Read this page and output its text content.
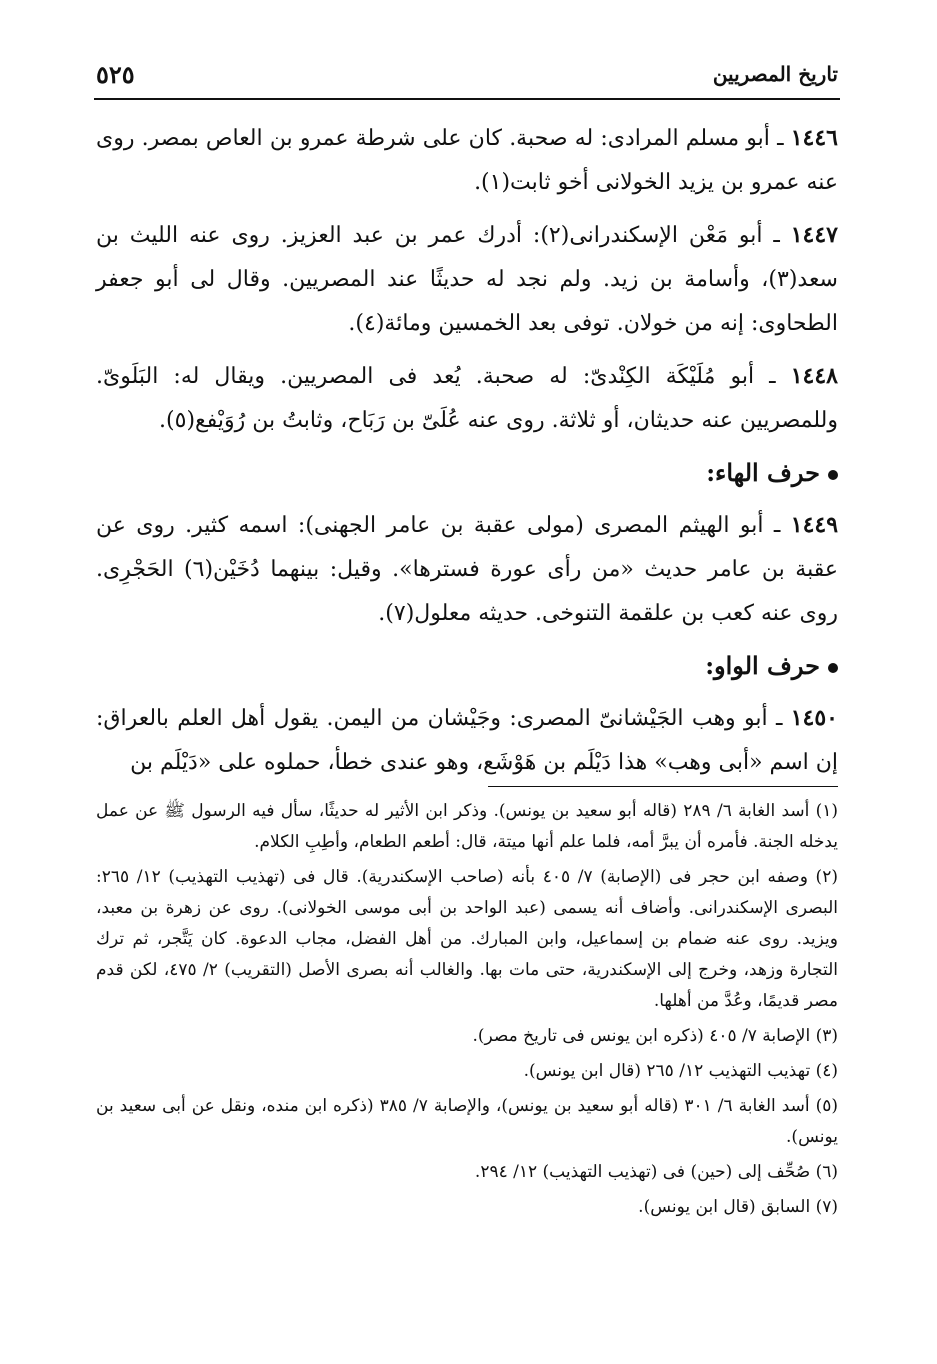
تاريخ المصريين
٥٢٥

١٤٤٦ ـ أبو مسلم المرادى: له صحبة. كان على شرطة عمرو بن العاص بمصر. روى عنه عمرو بن يزيد الخولانى أخو ثابت(١).

١٤٤٧ ـ أبو مَعْن الإسكندرانى(٢): أدرك عمر بن عبد العزيز. روى عنه الليث بن سعد(٣)، وأسامة بن زيد. ولم نجد له حديثًا عند المصريين. وقال لى أبو جعفر الطحاوى: إنه من خولان. توفى بعد الخمسين ومائة(٤).

١٤٤٨ ـ أبو مُلَيْكَة الكِنْدىّ: له صحبة. يُعد فى المصريين. ويقال له: البَلَوىّ. وللمصريين عنه حديثان، أو ثلاثة. روى عنه عُلَىّ بن رَبَاح، وثابتُ بن رُوَيْفع(٥).

حرف الهاء:

١٤٤٩ ـ أبو الهيثم المصرى (مولى عقبة بن عامر الجهنى): اسمه كثير. روى عن عقبة بن عامر حديث «من رأى عورة فسترها». وقيل: بينهما دُخَيْن(٦) الحَجْرِى. روى عنه كعب بن علقمة التنوخى. حديثه معلول(٧).

حرف الواو:

١٤٥٠ ـ أبو وهب الجَيْشانىّ المصرى: وجَيْشان من اليمن. يقول أهل العلم بالعراق: إن اسم «أبى وهب» هذا دَيْلَم بن هَوْشَع، وهو عندى خطأ، حملوه على «دَيْلَم بن

(١) أسد الغابة ٦/ ٢٨٩ (قاله أبو سعيد بن يونس). وذكر ابن الأثير له حديثًا، سأل فيه الرسول ﷺ عن عمل يدخله الجنة. فأمره أن يبرَّ أمه، فلما علم أنها ميتة، قال: أطعم الطعام، وأطِبِ الكلام.

(٢) وصفه ابن حجر فى (الإصابة) ٧/ ٤٠٥ بأنه (صاحب الإسكندرية). قال فى (تهذيب التهذيب) ١٢/ ٢٦٥: البصرى الإسكندرانى. وأضاف أنه يسمى (عبد الواحد بن أبى موسى الخولانى). روى عن زهرة بن معبد، ويزيد. روى عنه ضمام بن إسماعيل، وابن المبارك. من أهل الفضل، مجاب الدعوة. كان يَتَّجر، ثم ترك التجارة وزهد، وخرج إلى الإسكندرية، حتى مات بها. والغالب أنه بصرى الأصل (التقريب) ٢/ ٤٧٥، لكن قدم مصر قديمًا، وعُدَّ من أهلها.

(٣) الإصابة ٧/ ٤٠٥ (ذكره ابن يونس فى تاريخ مصر).

(٤) تهذيب التهذيب ١٢/ ٢٦٥ (قال ابن يونس).

(٥) أسد الغابة ٦/ ٣٠١ (قاله أبو سعيد بن يونس)، والإصابة ٧/ ٣٨٥ (ذكره ابن منده، ونقل عن أبى سعيد بن يونس).

(٦) صُحِّف إلى (حين) فى (تهذيب التهذيب) ١٢/ ٢٩٤.

(٧) السابق (قال ابن يونس).
